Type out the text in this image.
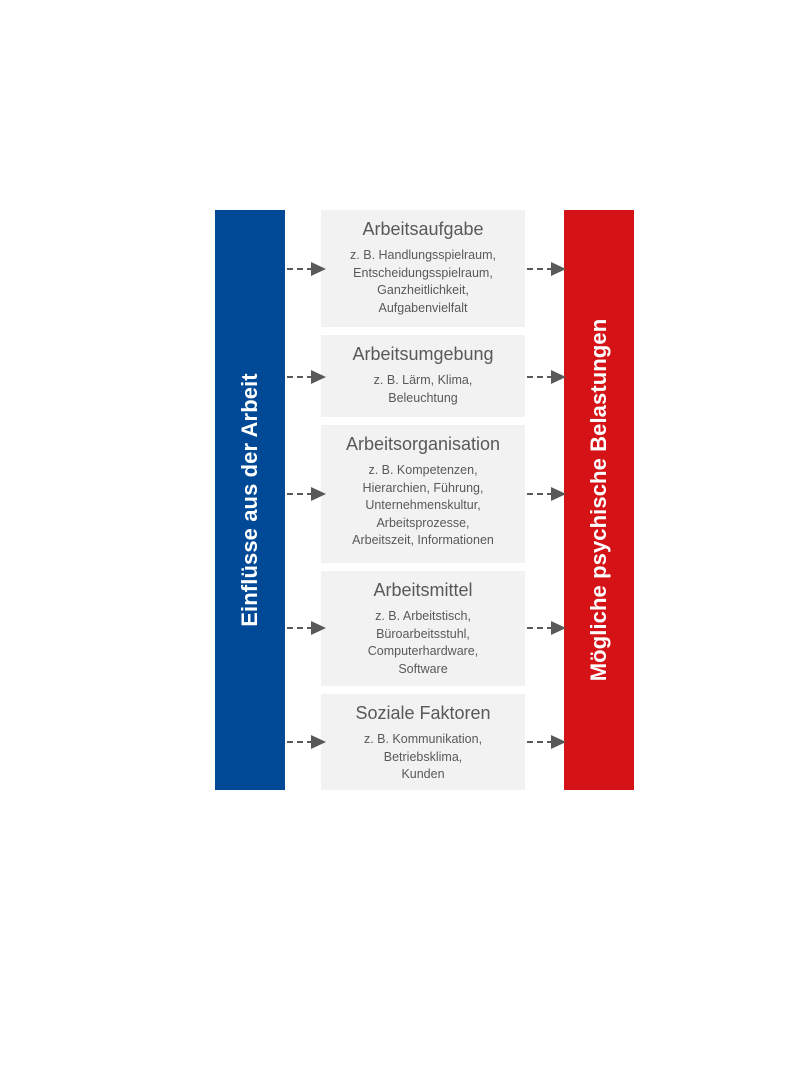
Einflüsse aus der Arbeit	Mögliche psychische Belastungen
Arbeitsaufgabe
z. B. Handlungsspielraum,
Entscheidungsspielraum,
Ganzheitlichkeit,
Aufgabenvielfalt
Arbeitsumgebung
z. B. Lärm, Klima,
Beleuchtung
Arbeitsorganisation
z. B. Kompetenzen,
Hierarchien, Führung,
Unternehmenskultur,
Arbeitsprozesse,
Arbeitszeit, Informationen
Arbeitsmittel
z. B. Arbeitstisch,
Büroarbeitsstuhl,
Computerhardware,
Software
Soziale Faktoren
z. B. Kommunikation,
Betriebsklima,
Kunden
